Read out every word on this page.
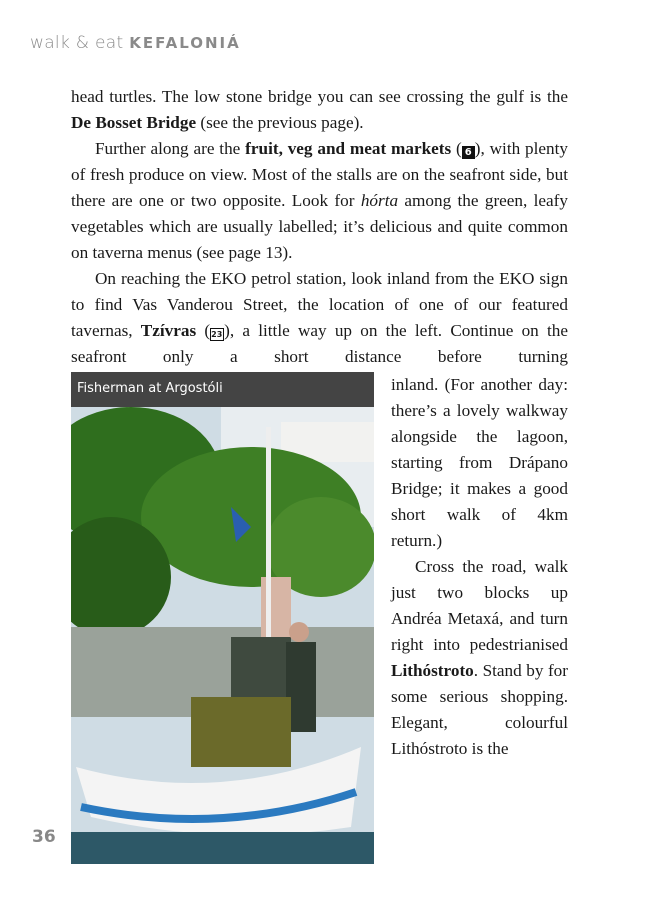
walk & eat KEFALONIÁ

head turtles. The low stone bridge you can see crossing the gulf is the De Bosset Bridge (see the previous page).

Further along are the fruit, veg and meat markets ( 6 ), with plenty of fresh produce on view. Most of the stalls are on the seafront side, but there are one or two opposite. Look for hórta among the green, leafy vegetables which are usually labelled; it’s delicious and quite common on taverna menus (see page 13).

On reaching the EKO petrol station, look inland from the EKO sign to find Vas Vanderou Street, the location of one of our featured tavernas, Tzívras (23 ), a little way up on the left. Continue on the seafront only a short distance before turning

Fisherman at Argostóli	inland. (For another day: there’s a lovely walkway alongside the lagoon, starting from Drápano Bridge; it makes a good short walk of 4km return.)

Cross the road, walk just two blocks up Andréa Metaxá, and turn right into pedestrianised Lithóstroto. Stand by for some serious shopping. Elegant, colourful Lithóstroto is the

36
